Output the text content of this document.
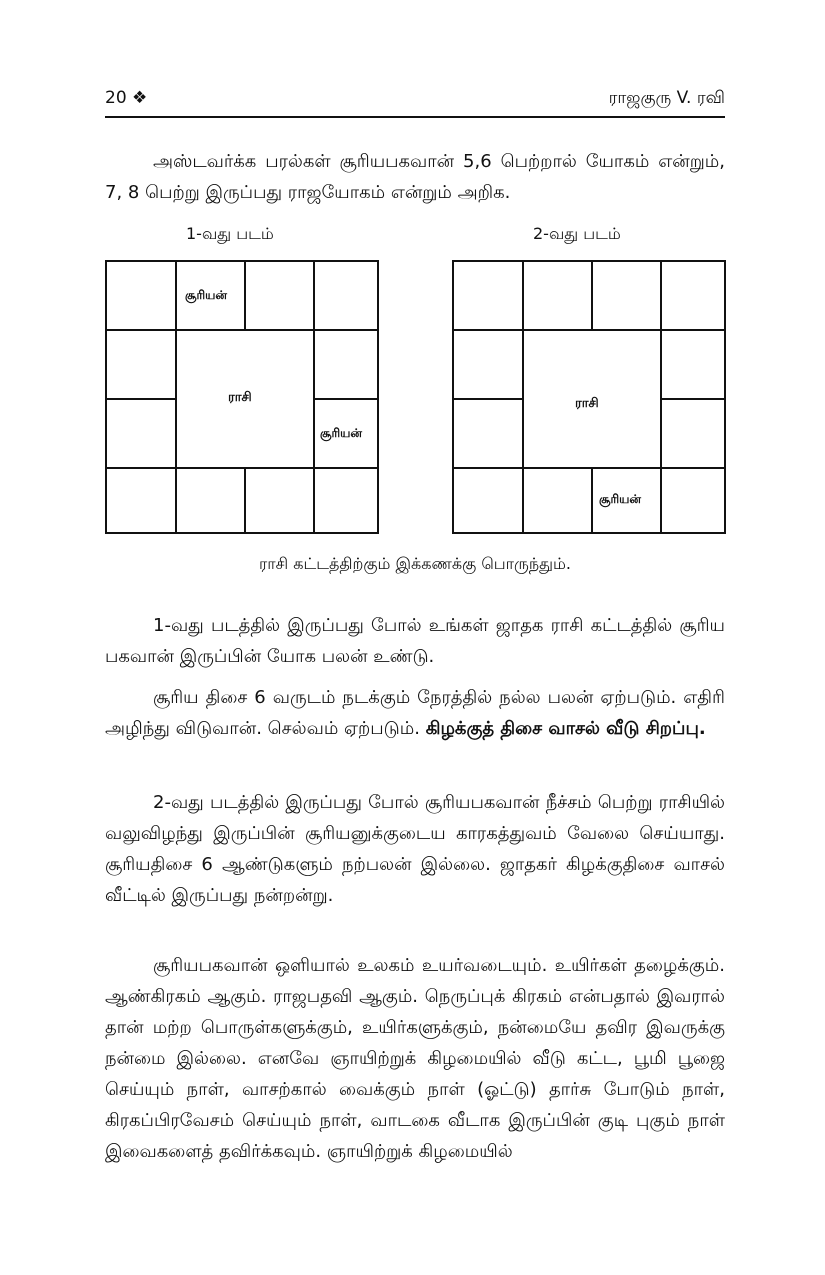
20 ❖	ராஜகுரு V. ரவி

அஸ்டவர்க்க பரல்கள் சூரியபகவான் 5,6 பெற்றால் யோகம் என்றும், 7, 8 பெற்று இருப்பது ராஜயோகம் என்றும் அறிக.

1-வது படம்
சூரியன்
ராசி
சூரியன்
2-வது படம்
ராசி
சூரியன்
ராசி கட்டத்திற்கும் இக்கணக்கு பொருந்தும்.

1-வது படத்தில் இருப்பது போல் உங்கள் ஜாதக ராசி கட்டத்தில் சூரிய பகவான் இருப்பின் யோக பலன் உண்டு.

சூரிய திசை 6 வருடம் நடக்கும் நேரத்தில் நல்ல பலன் ஏற்படும். எதிரி அழிந்து விடுவான். செல்வம் ஏற்படும். கிழக்குத் திசை வாசல் வீடு சிறப்பு.

2-வது படத்தில் இருப்பது போல் சூரியபகவான் நீச்சம் பெற்று ராசியில் வலுவிழந்து இருப்பின் சூரியனுக்குடைய காரகத்துவம் வேலை செய்யாது. சூரியதிசை 6 ஆண்டுகளும் நற்பலன் இல்லை. ஜாதகர் கிழக்குதிசை வாசல் வீட்டில் இருப்பது நன்றன்று.

சூரியபகவான் ஒளியால் உலகம் உயர்வடையும். உயிர்கள் தழைக்கும். ஆண்கிரகம் ஆகும். ராஜபதவி ஆகும். நெருப்புக் கிரகம் என்பதால் இவரால் தான் மற்ற பொருள்களுக்கும், உயிர்களுக்கும், நன்மையே தவிர இவருக்கு நன்மை இல்லை. எனவே ஞாயிற்றுக் கிழமையில் வீடு கட்ட, பூமி பூஜை செய்யும் நாள், வாசற்கால் வைக்கும் நாள் (ஓட்டு) தார்சு போடும் நாள், கிரகப்பிரவேசம் செய்யும் நாள், வாடகை வீடாக இருப்பின் குடி புகும் நாள் இவைகளைத் தவிர்க்கவும். ஞாயிற்றுக் கிழமையில்
